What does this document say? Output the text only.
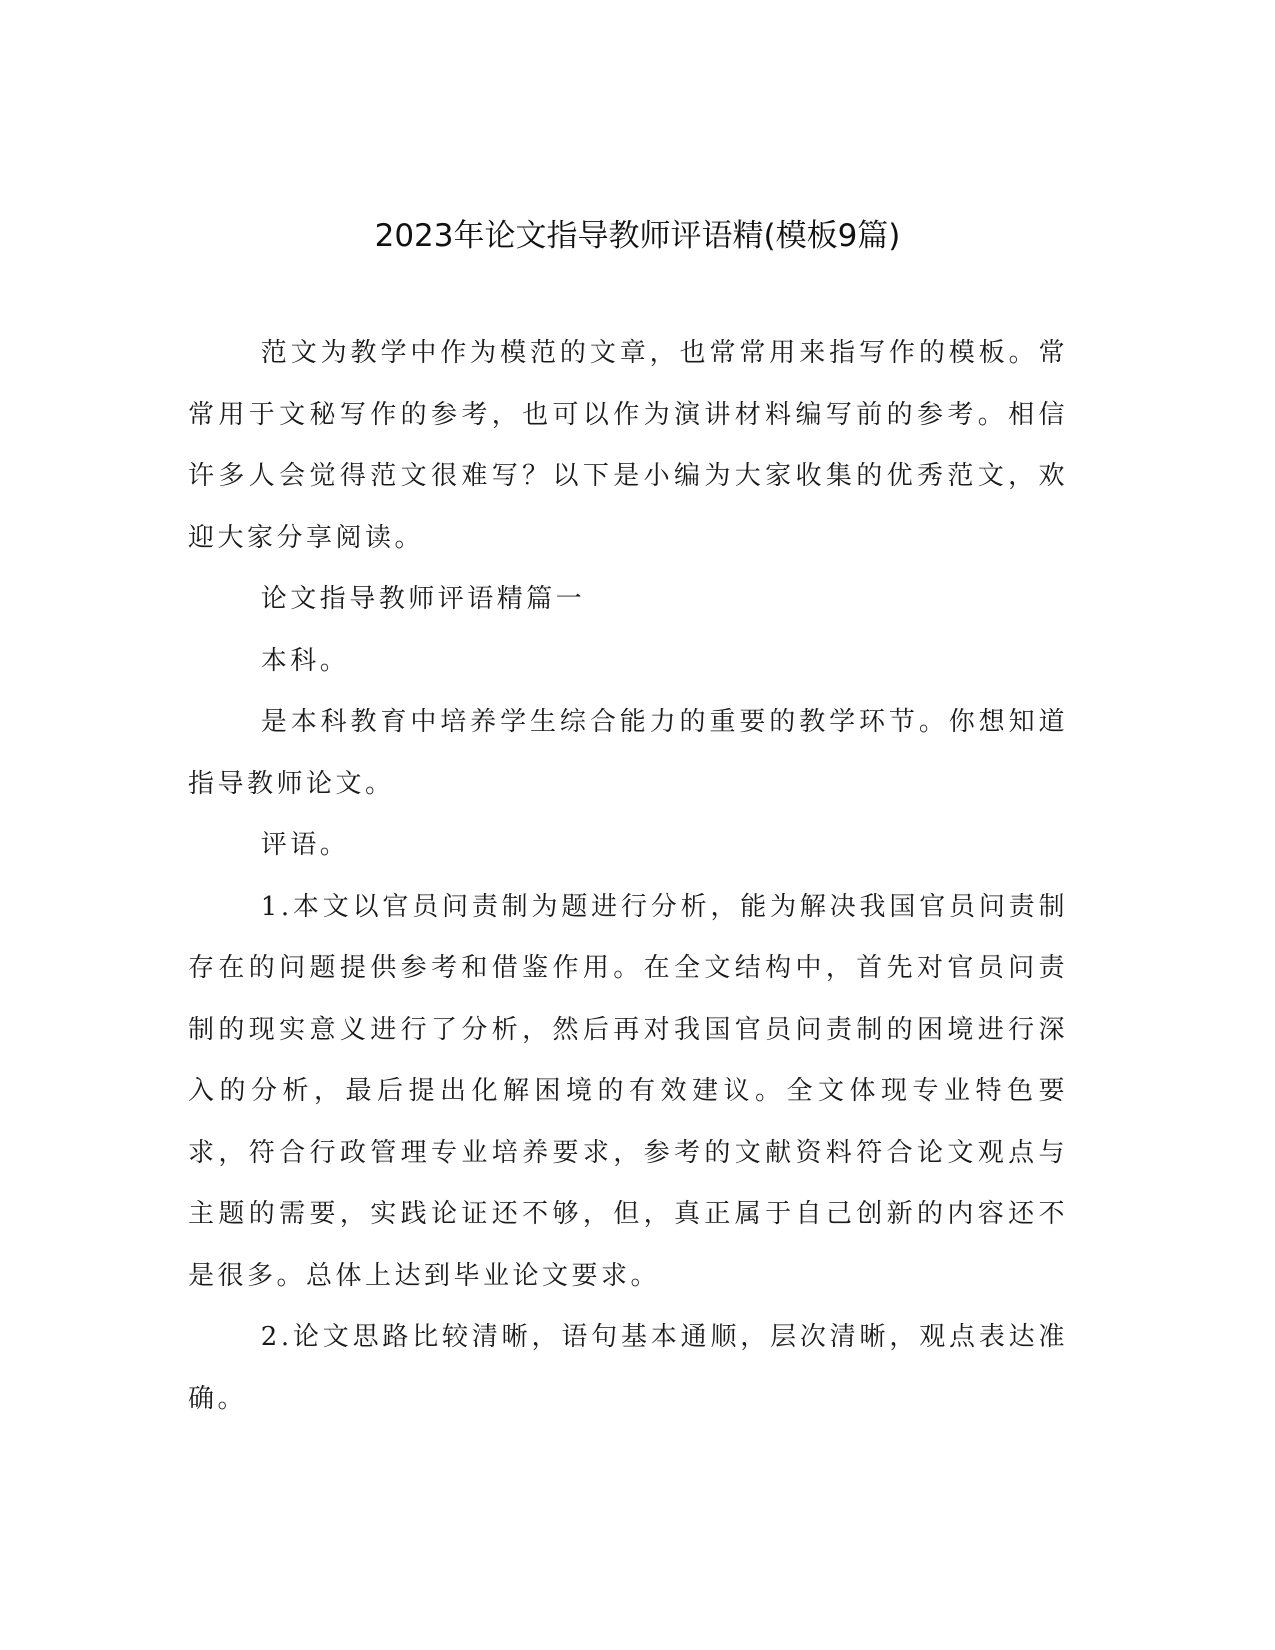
2023年论文指导教师评语精(模板9篇)

范文为教学中作为模范的文章，也常常用来指写作的模板。常常用于文秘写作的参考，也可以作为演讲材料编写前的参考。相信许多人会觉得范文很难写？以下是小编为大家收集的优秀范文，欢迎大家分享阅读。

论文指导教师评语精篇一

本科。

是本科教育中培养学生综合能力的重要的教学环节。你想知道指导教师论文。

评语。

1.本文以官员问责制为题进行分析，能为解决我国官员问责制存在的问题提供参考和借鉴作用。在全文结构中，首先对官员问责制的现实意义进行了分析，然后再对我国官员问责制的困境进行深入的分析，最后提出化解困境的有效建议。全文体现专业特色要求，符合行政管理专业培养要求，参考的文献资料符合论文观点与主题的需要，实践论证还不够，但，真正属于自己创新的内容还不是很多。总体上达到毕业论文要求。

2.论文思路比较清晰，语句基本通顺，层次清晰，观点表达准确。
